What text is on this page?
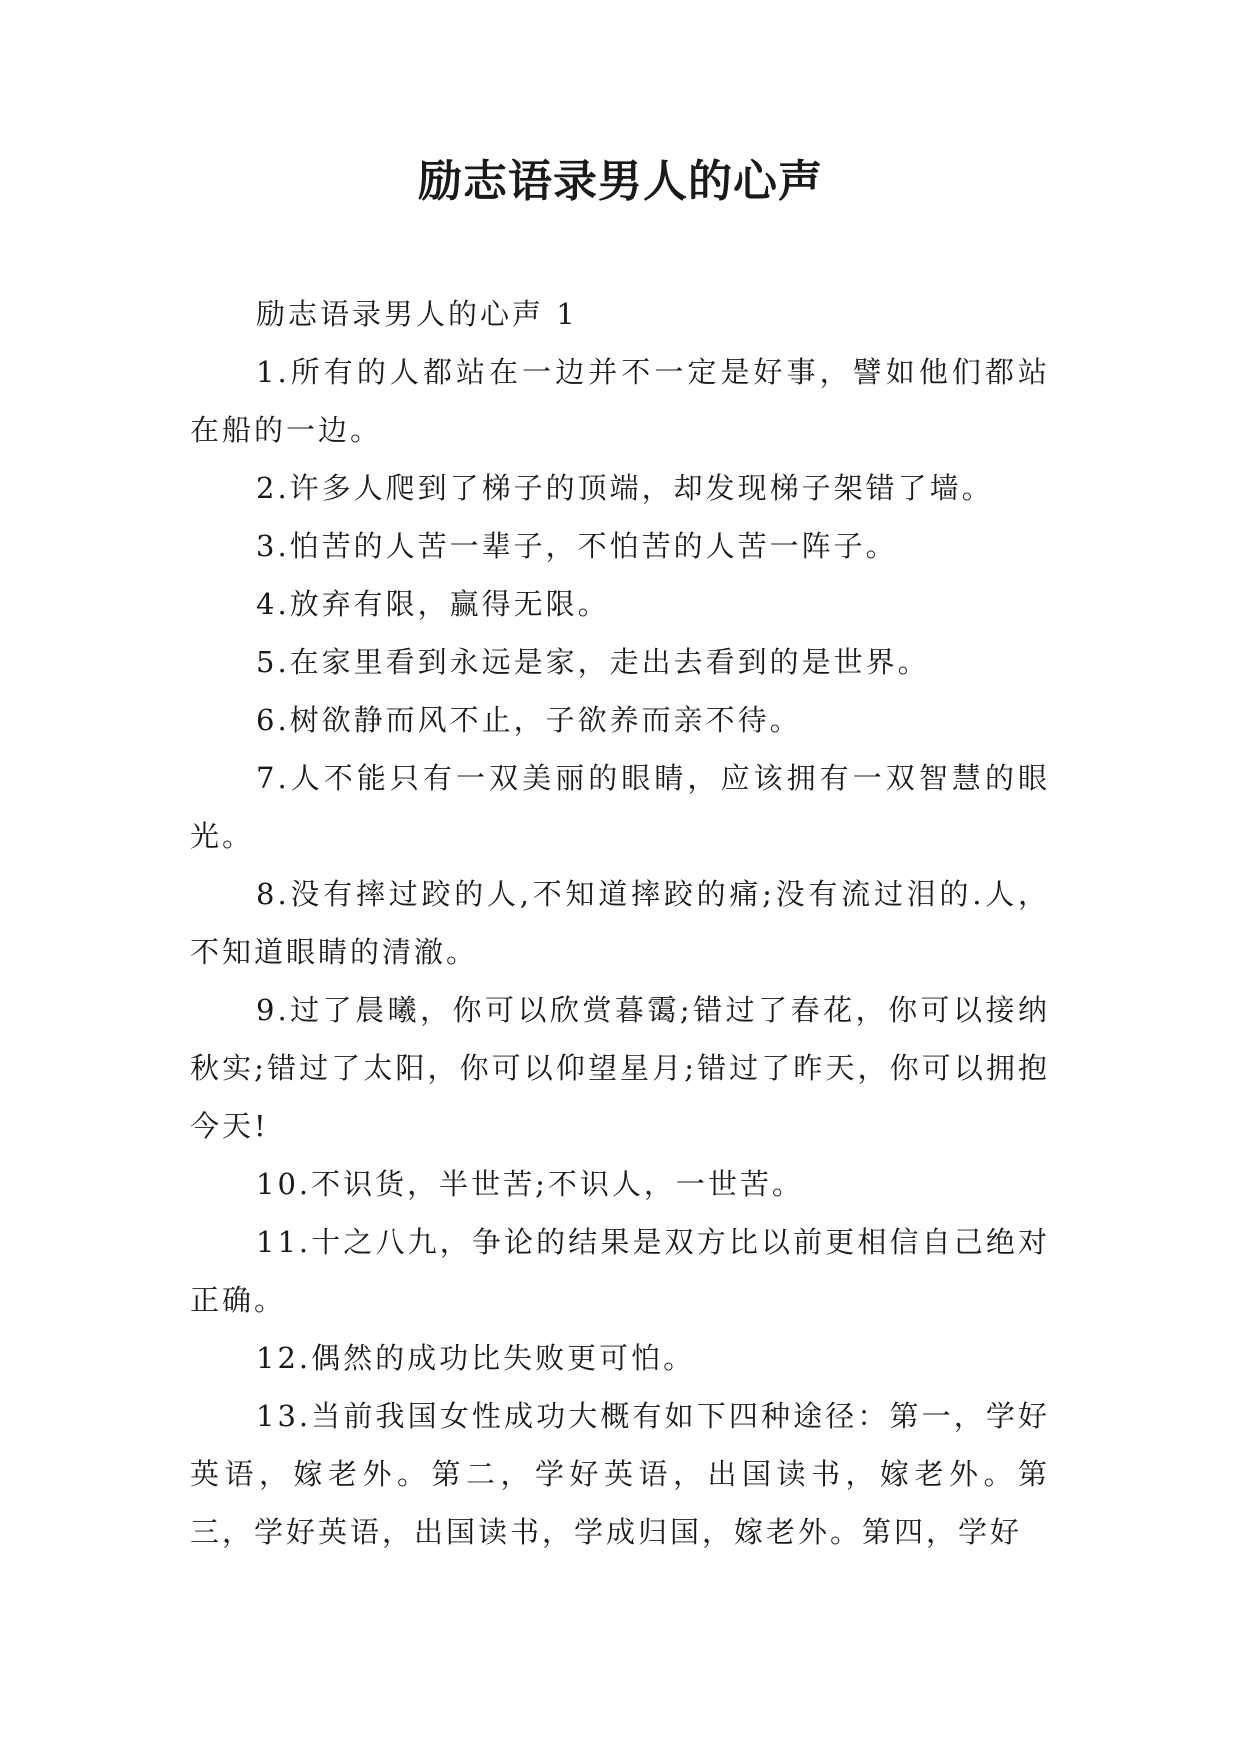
励志语录男人的心声

励志语录男人的心声 1

1.所有的人都站在一边并不一定是好事，譬如他们都站在船的一边。

2.许多人爬到了梯子的顶端，却发现梯子架错了墙。

3.怕苦的人苦一辈子，不怕苦的人苦一阵子。

4.放弃有限，赢得无限。

5.在家里看到永远是家，走出去看到的是世界。

6.树欲静而风不止，子欲养而亲不待。

7.人不能只有一双美丽的眼睛，应该拥有一双智慧的眼光。

8.没有摔过跤的人,不知道摔跤的痛;没有流过泪的.人，不知道眼睛的清澈。

9.过了晨曦，你可以欣赏暮霭;错过了春花，你可以接纳秋实;错过了太阳，你可以仰望星月;错过了昨天，你可以拥抱今天!

10.不识货，半世苦;不识人，一世苦。

11.十之八九，争论的结果是双方比以前更相信自己绝对正确。

12.偶然的成功比失败更可怕。

13.当前我国女性成功大概有如下四种途径：第一，学好英语，嫁老外。第二，学好英语，出国读书，嫁老外。第三，学好英语，出国读书，学成归国，嫁老外。第四，学好
